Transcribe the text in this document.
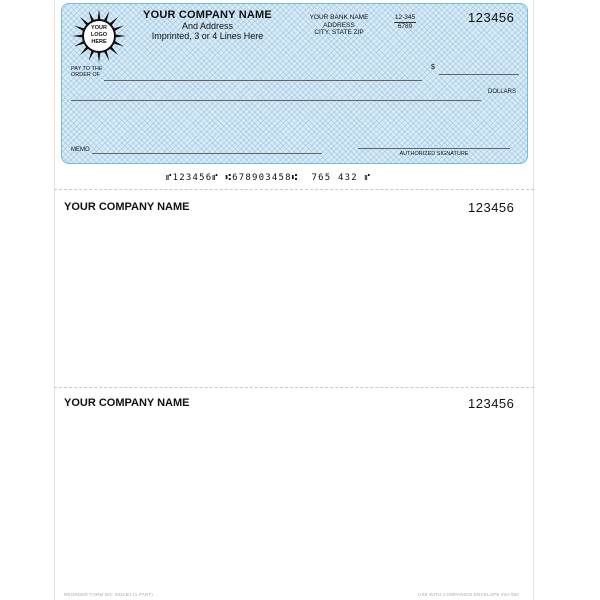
YOUR
LOGO
HERE
YOUR COMPANY NAME
And Address
Imprinted, 3 or 4 Lines Here
YOUR BANK NAME
ADDRESS
CITY, STATE ZIP
12-345
6789
123456
PAY TO THE
ORDER OF
$
DOLLARS
MEMO
AUTHORIZED SIGNATURE
⑈123456⑈ ⑆678903458⑆  765 432 ⑈
YOUR COMPANY NAME	123456
YOUR COMPANY NAME	123456
REORDER FORM NO. 002LB1 (1 PART)	USE WITH COMPANION ENVELOPE #44-000
